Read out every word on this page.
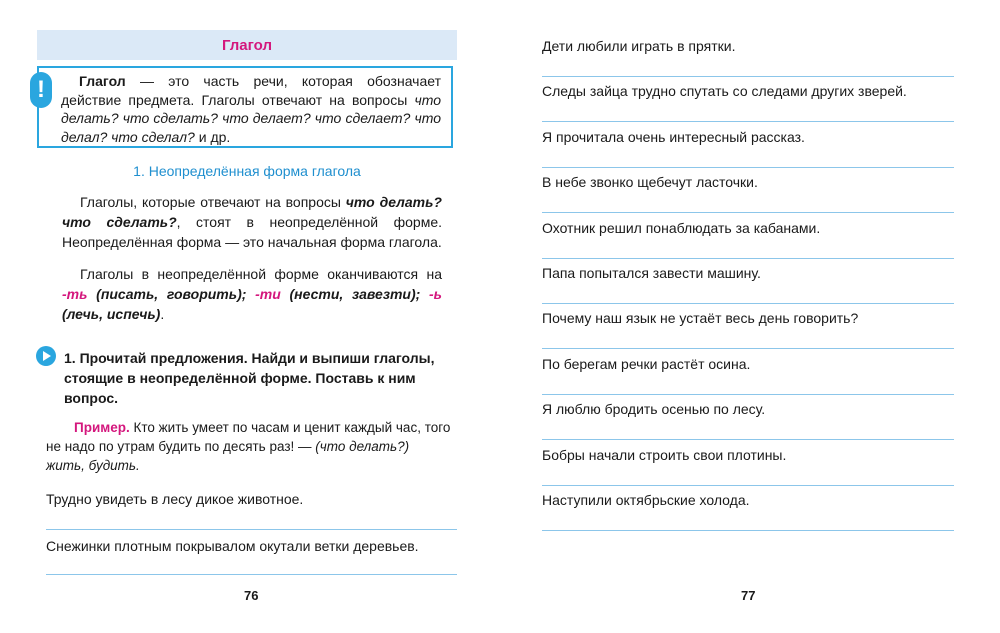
Глагол
!	Глагол — это часть речи, которая обозначает действие предмета. Глаголы отвечают на вопросы что делать? что сделать? что делает? что сделает? что делал? что сделал? и др.
1. Неопределённая форма глагола
Глаголы, которые отвечают на вопросы что делать? что сделать?, стоят в неопределённой форме. Неопределённая форма — это начальная форма глагола.
Глаголы в неопределённой форме оканчиваются на -ть (писать, говорить); -ти (нести, завезти); -ь (лечь, испечь).
1. Прочитай предложения. Найди и выпиши глаголы, стоящие в неопределённой форме. Поставь к ним вопрос.
Пример. Кто жить умеет по часам и ценит каждый час, того не надо по утрам будить по десять раз! — (что делать?) жить, будить.
Трудно увидеть в лесу дикое животное.
Снежинки плотным покрывалом окутали ветки деревьев.
76
Дети любили играть в прятки.
Следы зайца трудно спутать со следами других зверей.
Я прочитала очень интересный рассказ.
В небе звонко щебечут ласточки.
Охотник решил понаблюдать за кабанами.
Папа попытался завести машину.
Почему наш язык не устаёт весь день говорить?
По берегам речки растёт осина.
Я люблю бродить осенью по лесу.
Бобры начали строить свои плотины.
Наступили октябрьские холода.
77
